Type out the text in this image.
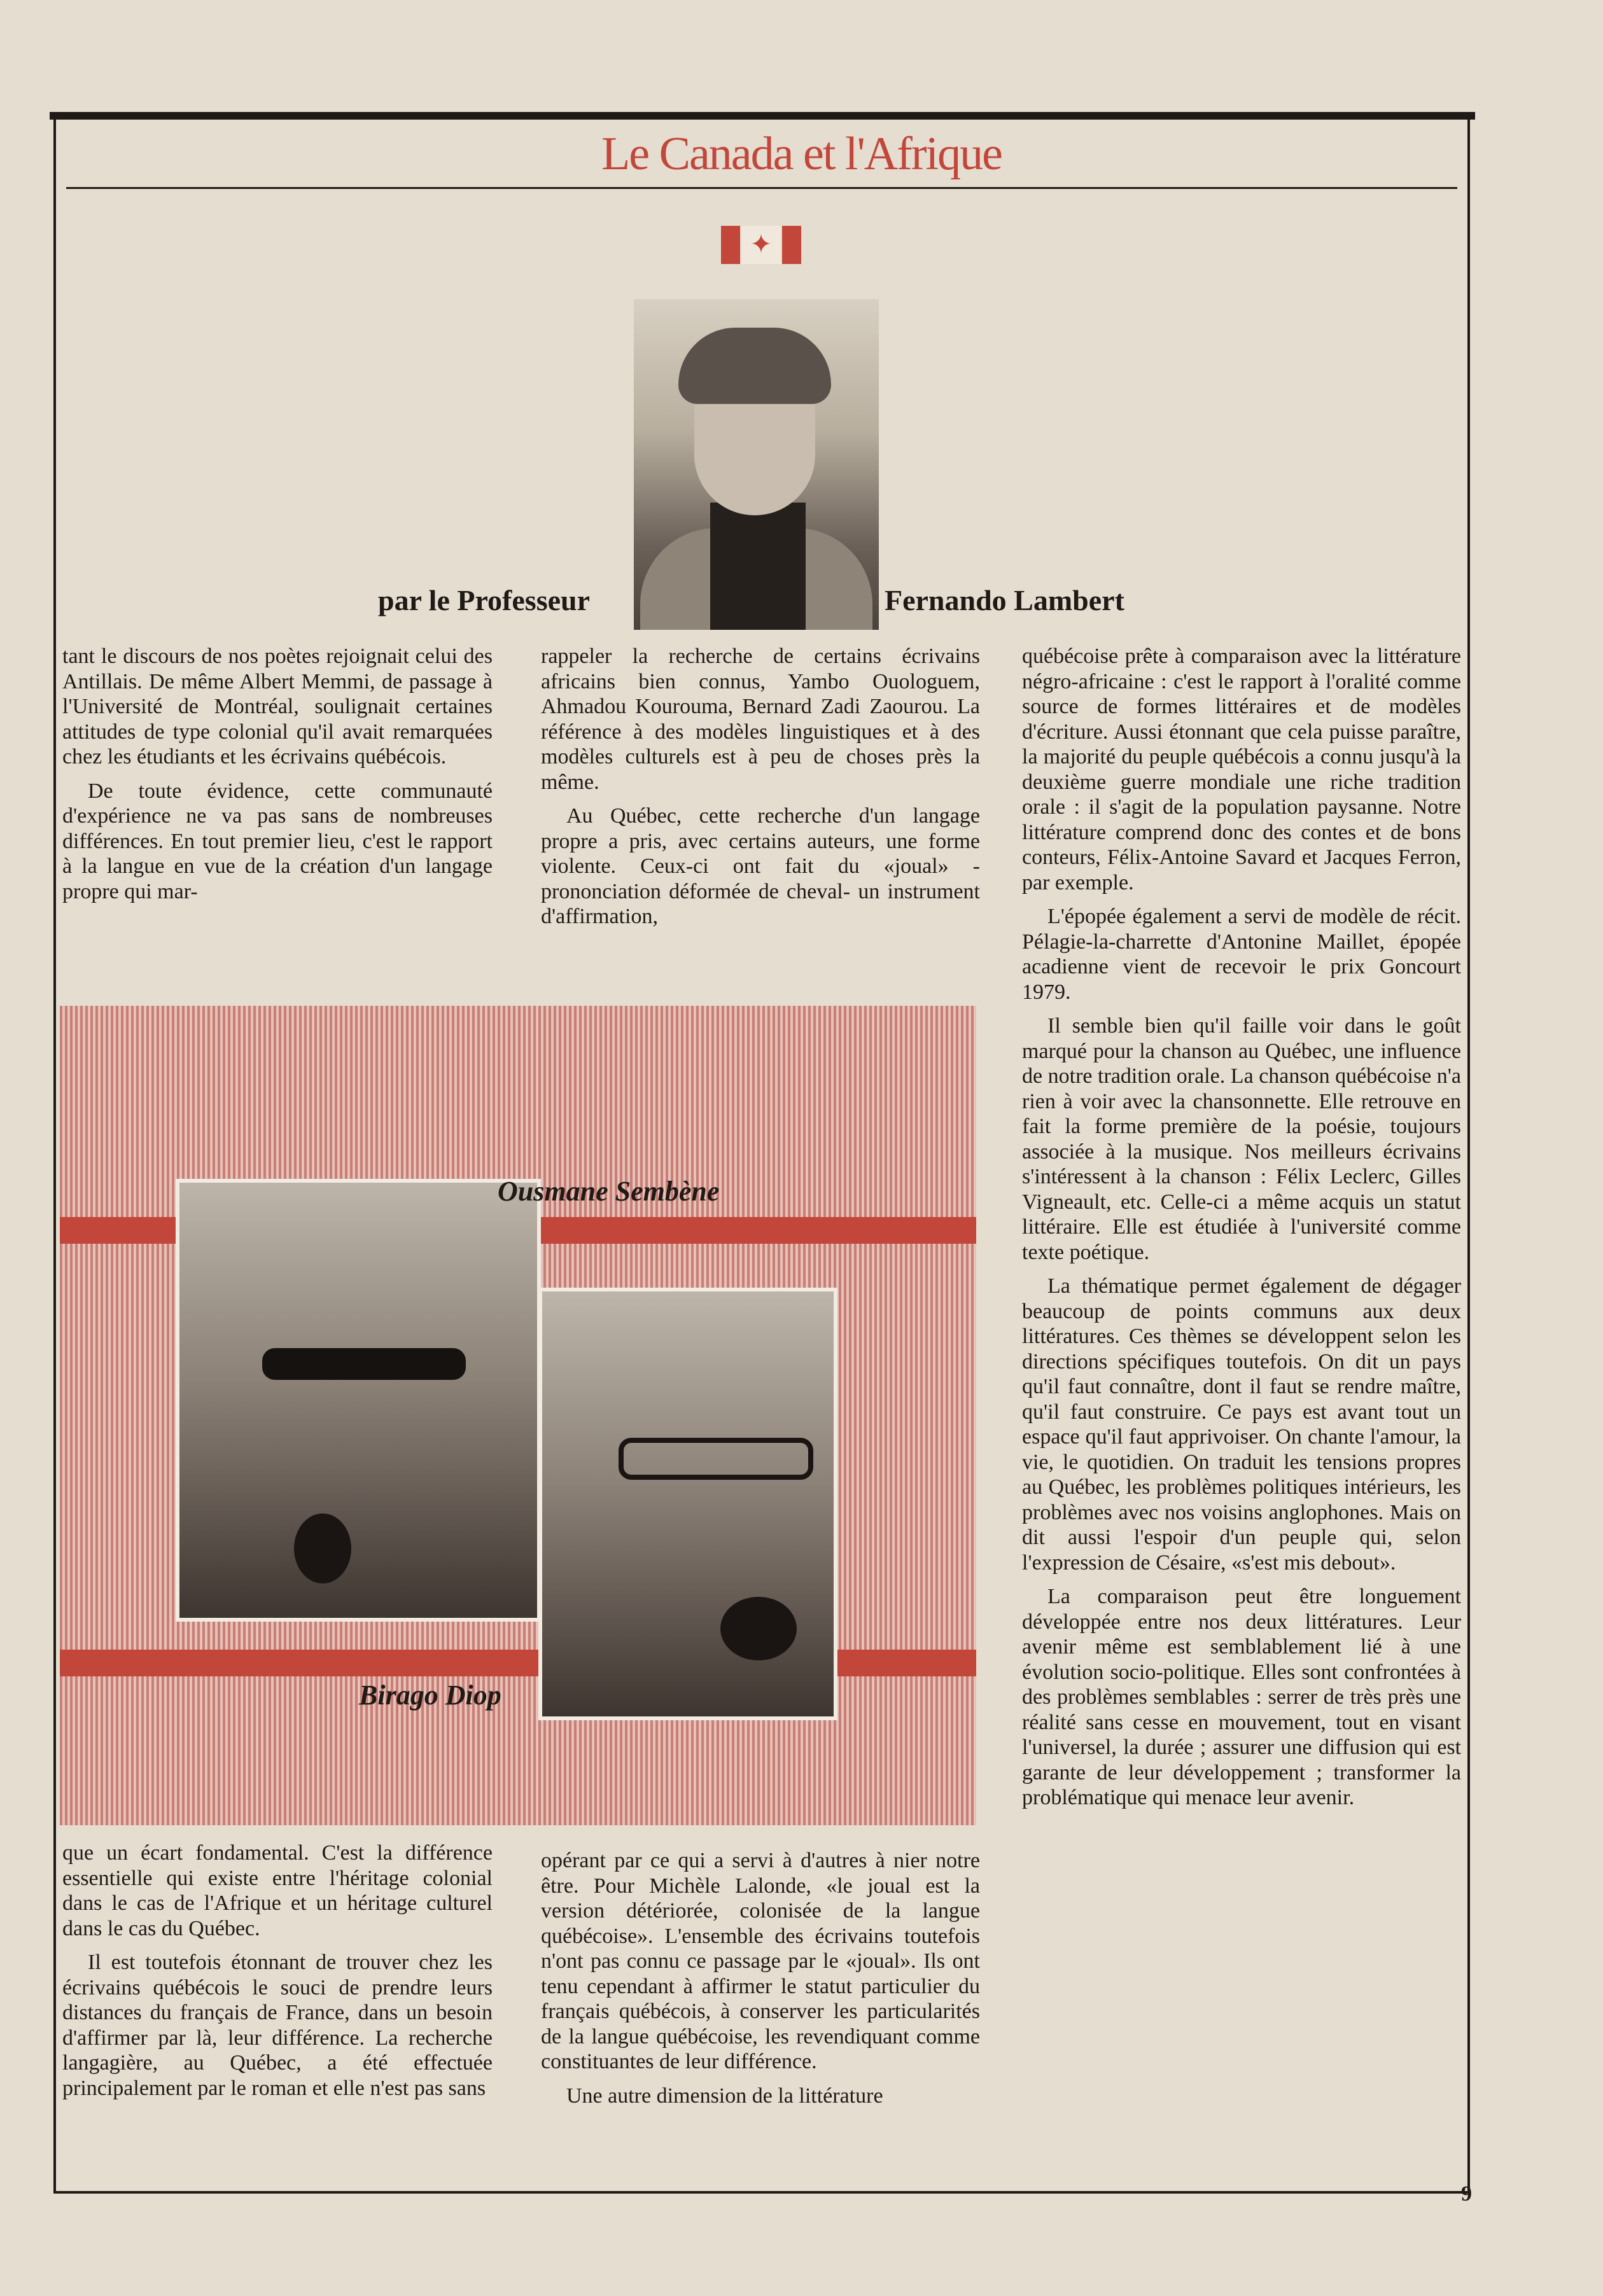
Le Canada et l'Afrique
✦
par le Professeur	Fernando Lambert

tant le discours de nos poètes rejoignait celui des Antillais. De même Albert Memmi, de passage à l'Université de Montréal, soulignait certaines attitudes de type colonial qu'il avait remarquées chez les étudiants et les écrivains québécois.

De toute évidence, cette communauté d'expérience ne va pas sans de nombreuses différences. En tout premier lieu, c'est le rapport à la langue en vue de la création d'un langage propre qui mar-

rappeler la recherche de certains écrivains africains bien connus, Yambo Ouologuem, Ahmadou Kourouma, Bernard Zadi Zaourou. La référence à des modèles linguistiques et à des modèles culturels est à peu de choses près la même.

Au Québec, cette recherche d'un langage propre a pris, avec certains auteurs, une forme violente. Ceux-ci ont fait du «joual» -prononciation déformée de cheval- un instrument d'affirmation,

québécoise prête à comparaison avec la littérature négro-africaine : c'est le rapport à l'oralité comme source de formes littéraires et de modèles d'écriture. Aussi étonnant que cela puisse paraître, la majorité du peuple québécois a connu jusqu'à la deuxième guerre mondiale une riche tradition orale : il s'agit de la population paysanne. Notre littérature comprend donc des contes et de bons conteurs, Félix-Antoine Savard et Jacques Ferron, par exemple.

L'épopée également a servi de modèle de récit. Pélagie-la-charrette d'Antonine Maillet, épopée acadienne vient de recevoir le prix Goncourt 1979.

Il semble bien qu'il faille voir dans le goût marqué pour la chanson au Québec, une influence de notre tradition orale. La chanson québécoise n'a rien à voir avec la chansonnette. Elle retrouve en fait la forme première de la poésie, toujours associée à la musique. Nos meilleurs écrivains s'intéressent à la chanson : Félix Leclerc, Gilles Vigneault, etc. Celle-ci a même acquis un statut littéraire. Elle est étudiée à l'université comme texte poétique.

La thématique permet également de dégager beaucoup de points communs aux deux littératures. Ces thèmes se développent selon les directions spécifiques toutefois. On dit un pays qu'il faut connaître, dont il faut se rendre maître, qu'il faut construire. Ce pays est avant tout un espace qu'il faut apprivoiser. On chante l'amour, la vie, le quotidien. On traduit les tensions propres au Québec, les problèmes politiques intérieurs, les problèmes avec nos voisins anglophones. Mais on dit aussi l'espoir d'un peuple qui, selon l'expression de Césaire, «s'est mis debout».

La comparaison peut être longuement développée entre nos deux littératures. Leur avenir même est semblablement lié à une évolution socio-politique. Elles sont confrontées à des problèmes semblables : serrer de très près une réalité sans cesse en mouvement, tout en visant l'universel, la durée ; assurer une diffusion qui est garante de leur développement ; transformer la problématique qui menace leur avenir.

Ousmane Sembène
Birago Diop

que un écart fondamental. C'est la différence essentielle qui existe entre l'héritage colonial dans le cas de l'Afrique et un héritage culturel dans le cas du Québec.

Il est toutefois étonnant de trouver chez les écrivains québécois le souci de prendre leurs distances du français de France, dans un besoin d'affirmer par là, leur différence. La recherche langagière, au Québec, a été effectuée principalement par le roman et elle n'est pas sans

opérant par ce qui a servi à d'autres à nier notre être. Pour Michèle Lalonde, «le joual est la version détériorée, colonisée de la langue québécoise». L'ensemble des écrivains toutefois n'ont pas connu ce passage par le «joual». Ils ont tenu cependant à affirmer le statut particulier du français québécois, à conserver les particularités de la langue québécoise, les revendiquant comme constituantes de leur différence.

Une autre dimension de la littérature

9
